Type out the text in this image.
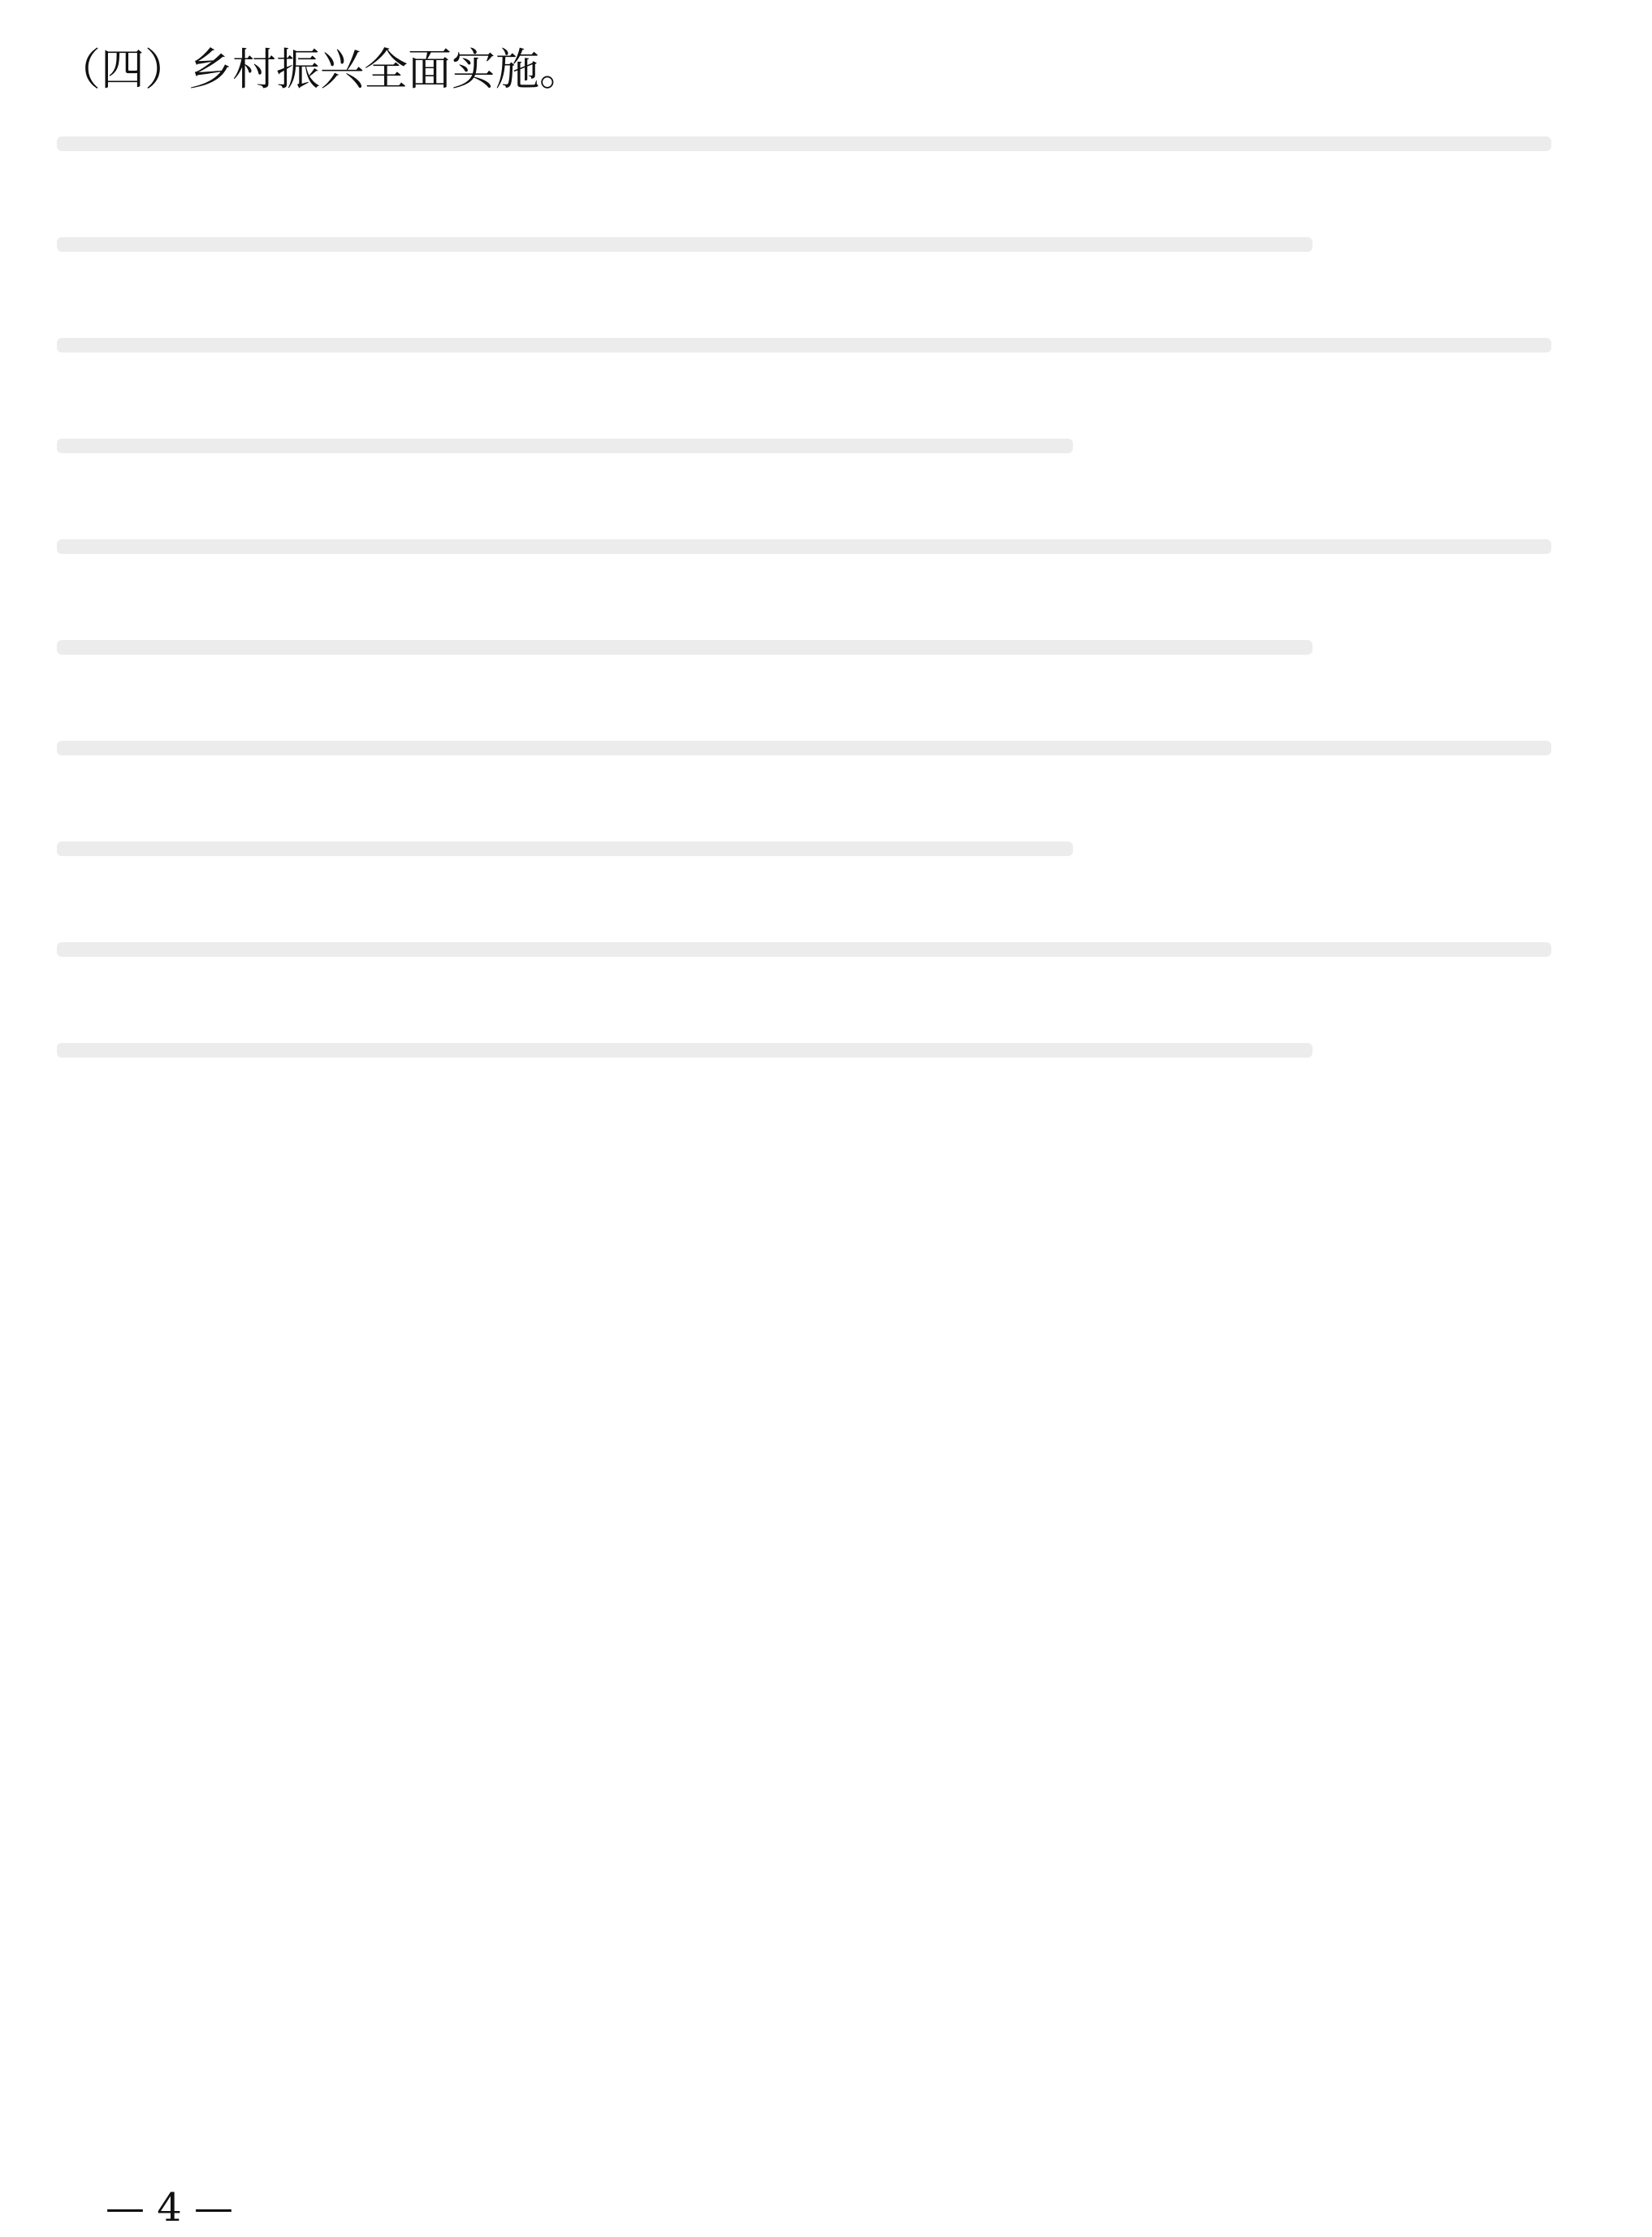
（四）乡村振兴全面实施。
— 4 —
